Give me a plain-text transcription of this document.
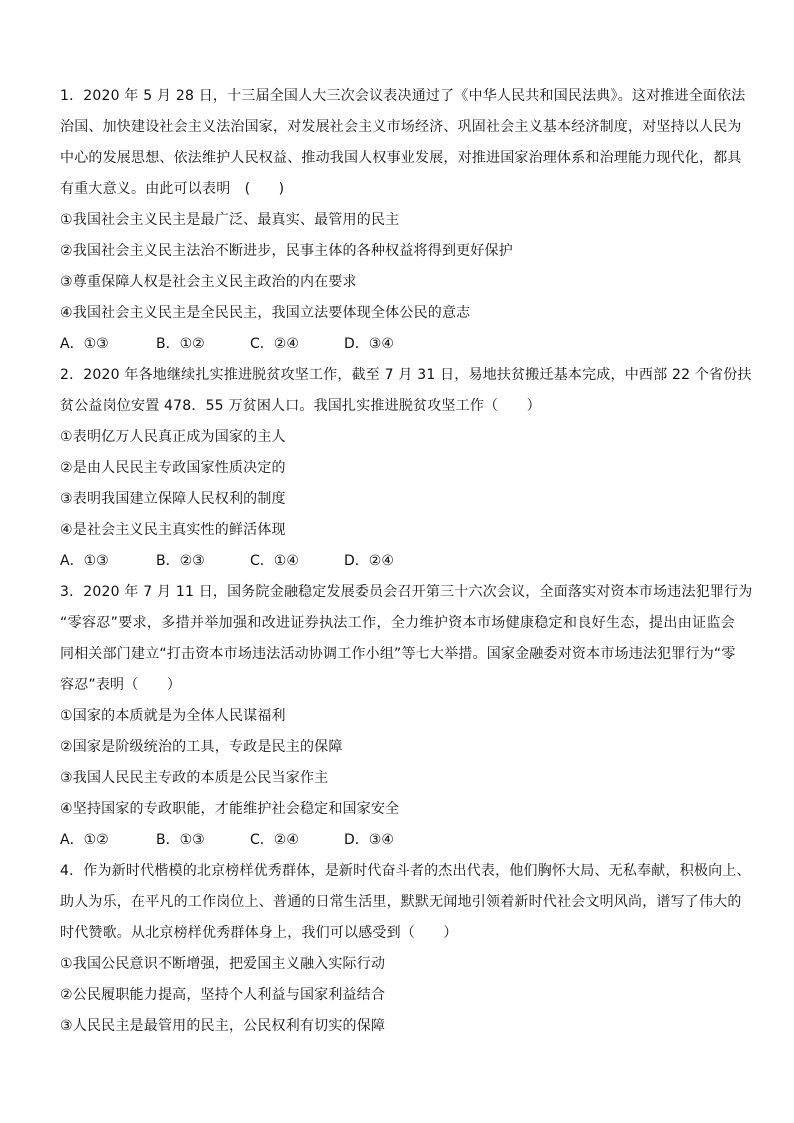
1．2020 年 5 月 28 日，十三届全国人大三次会议表决通过了《中华人民共和国民法典》。这对推进全面依法
治国、加快建设社会主义法治国家，对发展社会主义市场经济、巩固社会主义基本经济制度，对坚持以人民为
中心的发展思想、依法维护人民权益、推动我国人权事业发展，对推进国家治理体系和治理能力现代化，都具
有重大意义。由此可以表明　(　　)
①我国社会主义民主是最广泛、最真实、最管用的民主
②我国社会主义民主法治不断进步，民事主体的各种权益将得到更好保护
③尊重保障人权是社会主义民主政治的内在要求
④我国社会主义民主是全民民主，我国立法要体现全体公民的意志
A．①③	B．①②	C．②④	D．③④
2．2020 年各地继续扎实推进脱贫攻坚工作，截至 7 月 31 日，易地扶贫搬迁基本完成，中西部 22 个省份扶
贫公益岗位安置 478．55 万贫困人口。我国扎实推进脱贫攻坚工作（　　）
①表明亿万人民真正成为国家的主人
②是由人民民主专政国家性质决定的
③表明我国建立保障人民权利的制度
④是社会主义民主真实性的鲜活体现
A．①③	B．②③	C．①④	D．②④
3．2020 年 7 月 11 日，国务院金融稳定发展委员会召开第三十六次会议，全面落实对资本市场违法犯罪行为
“零容忍”要求，多措并举加强和改进证券执法工作，全力维护资本市场健康稳定和良好生态，提出由证监会
同相关部门建立“打击资本市场违法活动协调工作小组”等七大举措。国家金融委对资本市场违法犯罪行为“零
容忍”表明（　　）
①国家的本质就是为全体人民谋福利
②国家是阶级统治的工具，专政是民主的保障
③我国人民民主专政的本质是公民当家作主
④坚持国家的专政职能，才能维护社会稳定和国家安全
A．①②	B．①③	C．②④	D．③④
4．作为新时代楷模的北京榜样优秀群体，是新时代奋斗者的杰出代表，他们胸怀大局、无私奉献，积极向上、
助人为乐，在平凡的工作岗位上、普通的日常生活里，默默无闻地引领着新时代社会文明风尚，谱写了伟大的
时代赞歌。从北京榜样优秀群体身上，我们可以感受到（　　）
①我国公民意识不断增强，把爱国主义融入实际行动
②公民履职能力提高，坚持个人利益与国家利益结合
③人民民主是最管用的民主，公民权利有切实的保障
